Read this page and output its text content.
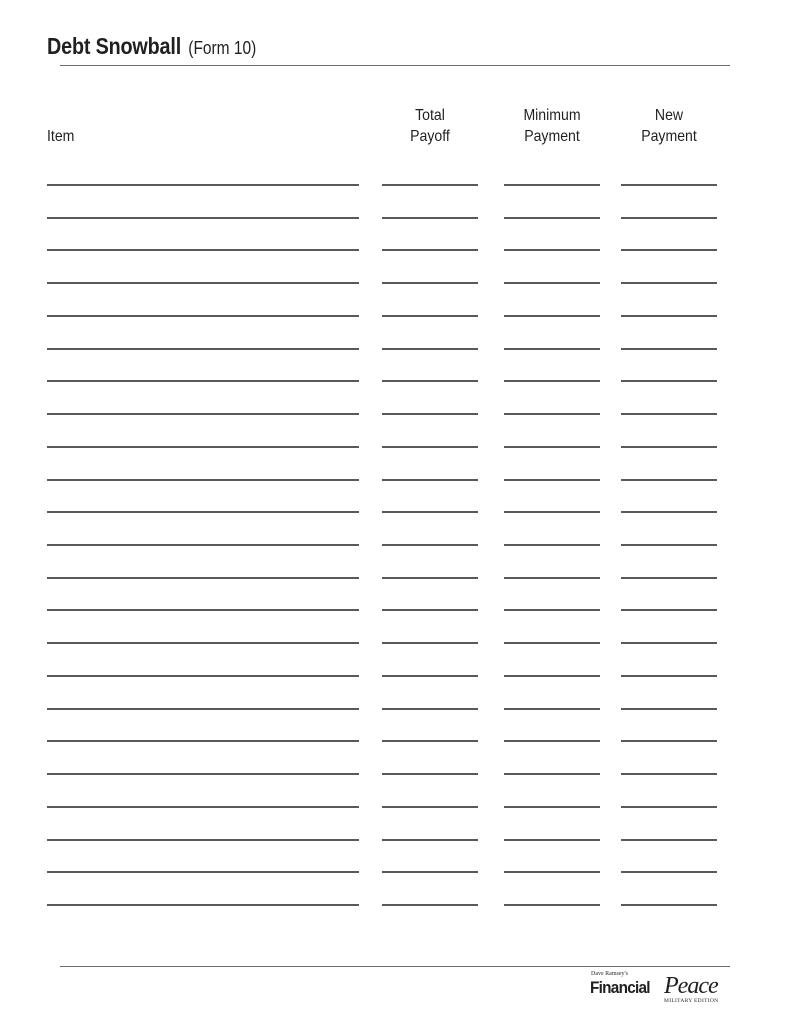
Debt Snowball (Form 10)
Item
Total
Payoff
Minimum
Payment
New
Payment
Dave Ramsey's
Financial Peace
MILITARY EDITION
